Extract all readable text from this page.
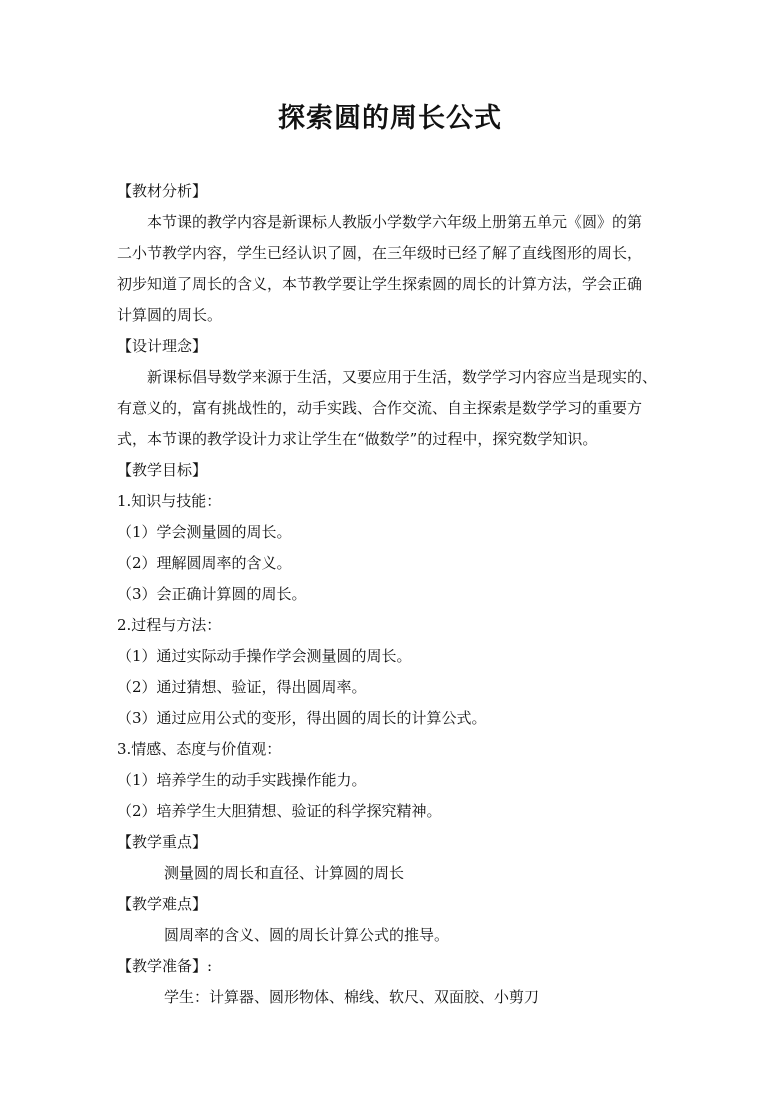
探索圆的周长公式
【教材分析】
本节课的教学内容是新课标人教版小学数学六年级上册第五单元《圆》的第
二小节教学内容，学生已经认识了圆，在三年级时已经了解了直线图形的周长，
初步知道了周长的含义，本节教学要让学生探索圆的周长的计算方法，学会正确
计算圆的周长。
【设计理念】
新课标倡导数学来源于生活，又要应用于生活，数学学习内容应当是现实的、
有意义的，富有挑战性的，动手实践、合作交流、自主探索是数学学习的重要方
式，本节课的教学设计力求让学生在“做数学”的过程中，探究数学知识。
【教学目标】
1.知识与技能：
（1）学会测量圆的周长。
（2）理解圆周率的含义。
（3）会正确计算圆的周长。
2.过程与方法：
（1）通过实际动手操作学会测量圆的周长。
（2）通过猜想、验证，得出圆周率。
（3）通过应用公式的变形，得出圆的周长的计算公式。
3.情感、态度与价值观：
（1）培养学生的动手实践操作能力。
（2）培养学生大胆猜想、验证的科学探究精神。
【教学重点】
测量圆的周长和直径、计算圆的周长
【教学难点】
圆周率的含义、圆的周长计算公式的推导。
【教学准备】:
学生：计算器、圆形物体、棉线、软尺、双面胶、小剪刀
